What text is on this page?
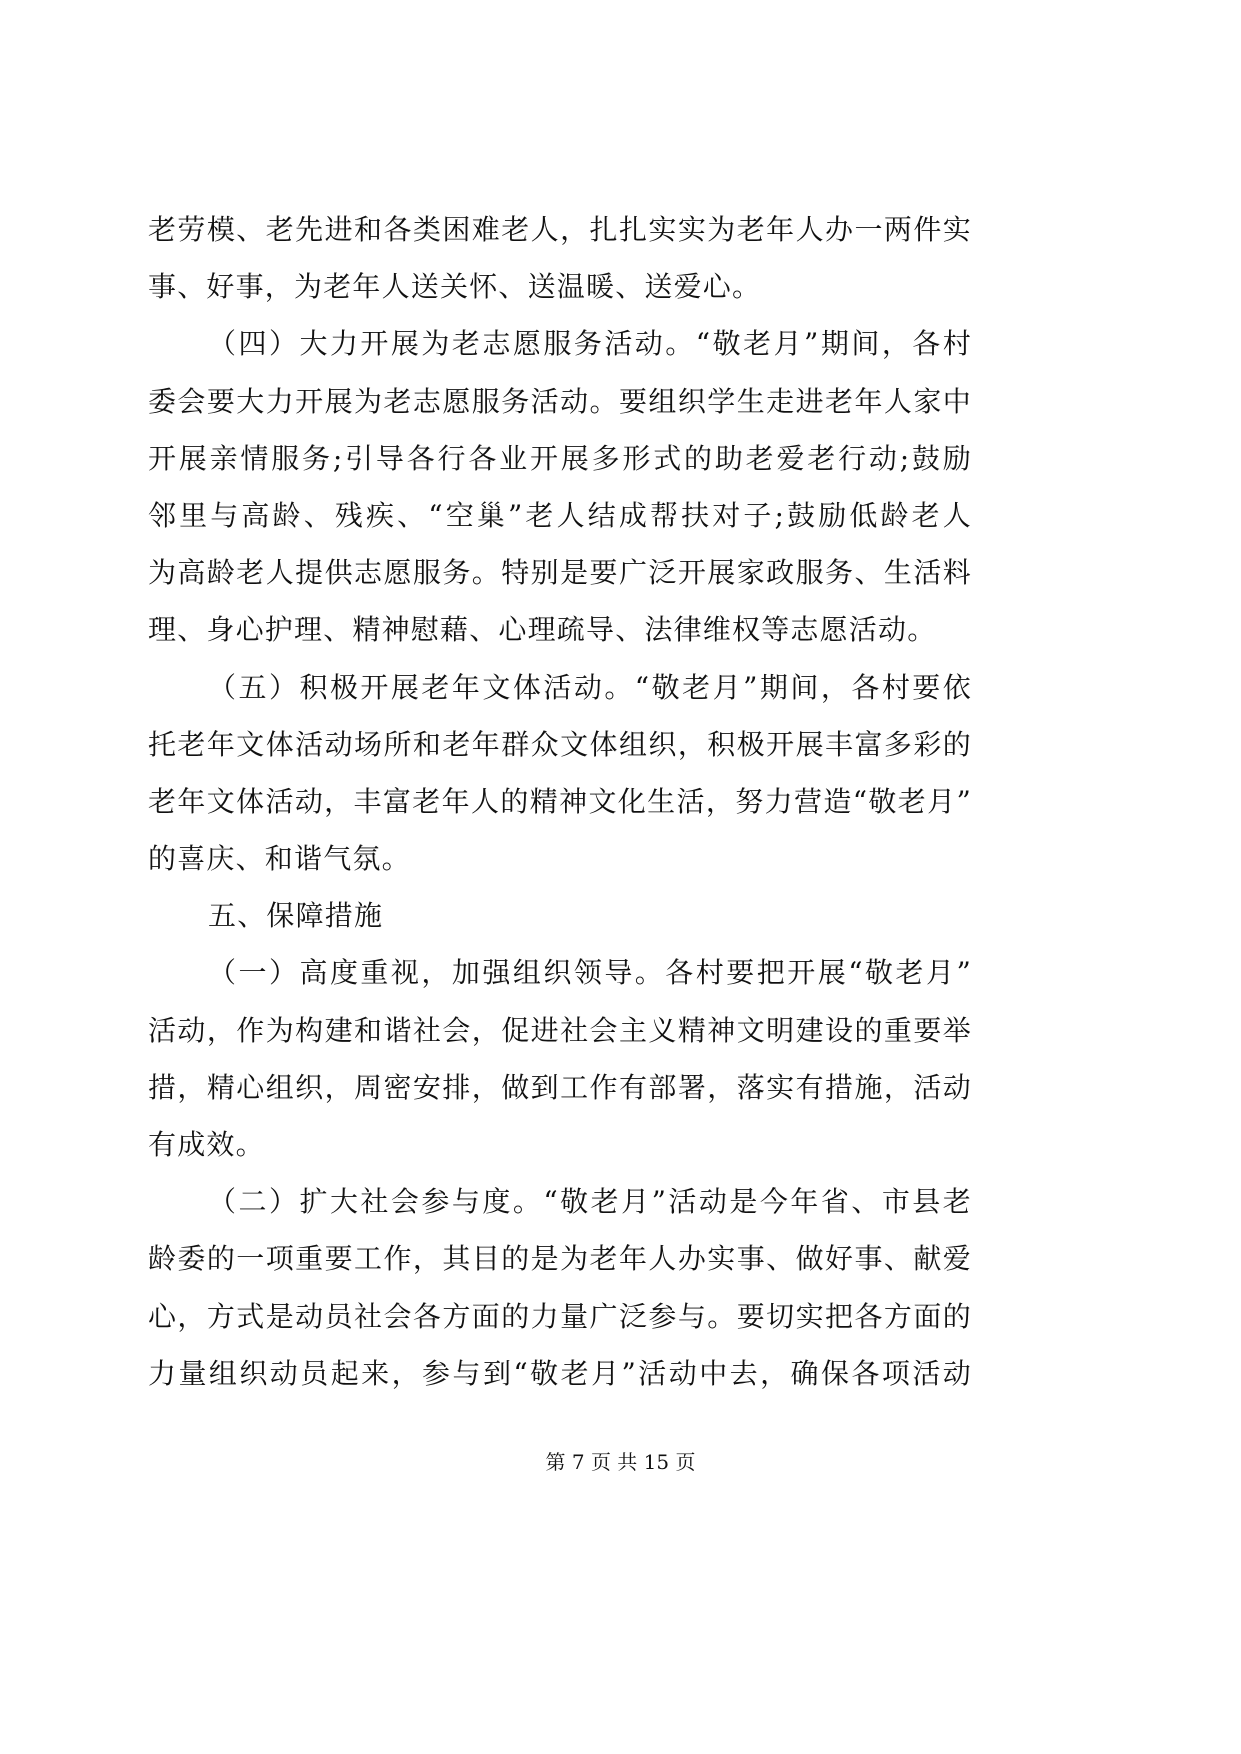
老劳模、老先进和各类困难老人，扎扎实实为老年人办一两件实
事、好事，为老年人送关怀、送温暖、送爱心。
（四）大力开展为老志愿服务活动。“敬老月”期间，各村
委会要大力开展为老志愿服务活动。要组织学生走进老年人家中
开展亲情服务;引导各行各业开展多形式的助老爱老行动;鼓励
邻里与高龄、残疾、“空巢”老人结成帮扶对子;鼓励低龄老人
为高龄老人提供志愿服务。特别是要广泛开展家政服务、生活料
理、身心护理、精神慰藉、心理疏导、法律维权等志愿活动。
（五）积极开展老年文体活动。“敬老月”期间，各村要依
托老年文体活动场所和老年群众文体组织，积极开展丰富多彩的
老年文体活动，丰富老年人的精神文化生活，努力营造“敬老月”
的喜庆、和谐气氛。
五、保障措施
（一）高度重视，加强组织领导。各村要把开展“敬老月”
活动，作为构建和谐社会，促进社会主义精神文明建设的重要举
措，精心组织，周密安排，做到工作有部署，落实有措施，活动
有成效。
（二）扩大社会参与度。“敬老月”活动是今年省、市县老
龄委的一项重要工作，其目的是为老年人办实事、做好事、献爱
心，方式是动员社会各方面的力量广泛参与。要切实把各方面的
力量组织动员起来，参与到“敬老月”活动中去，确保各项活动
第 7 页 共 15 页
